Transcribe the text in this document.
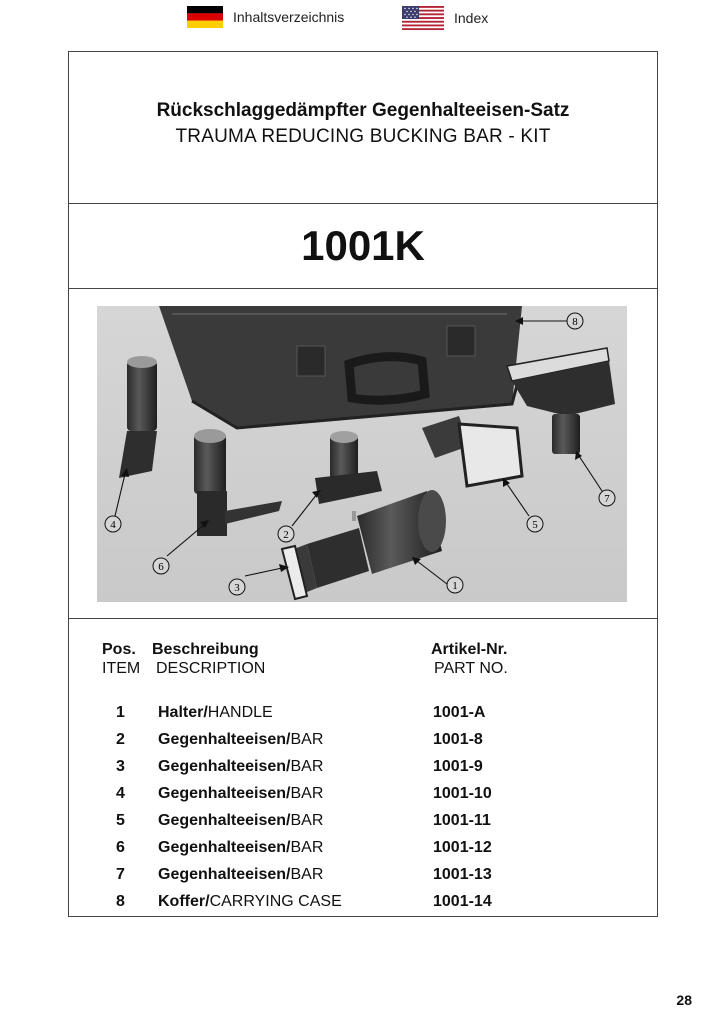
Inhaltsverzeichnis	Index
Rückschlaggedämpfter Gegenhalteeisen-Satz
TRAUMA REDUCING BUCKING BAR - KIT
1001K
8
4
6
2
3	1
5
7
Pos. Beschreibung	Artikel-Nr.
ITEM DESCRIPTION	PART NO.
1 Halter/HANDLE	1001-A
2 Gegenhalteeisen/BAR	1001-8
3 Gegenhalteeisen/BAR	1001-9
4 Gegenhalteeisen/BAR	1001-10
5 Gegenhalteeisen/BAR	1001-11
6 Gegenhalteeisen/BAR	1001-12
7 Gegenhalteeisen/BAR	1001-13
8 Koffer/CARRYING CASE	1001-14
28
